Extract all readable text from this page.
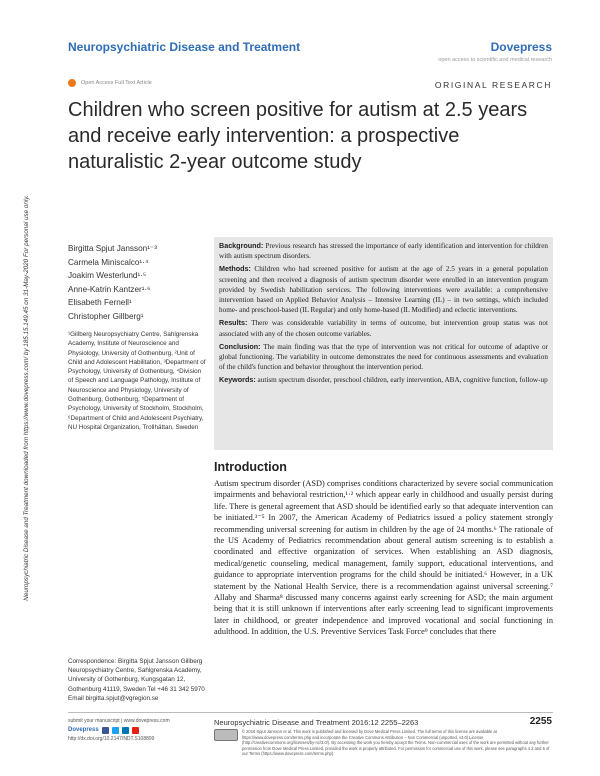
Neuropsychiatric Disease and Treatment	Dovepress
open access to scientific and medical research
Open Access Full Text Article	ORIGINAL RESEARCH
Children who screen positive for autism at 2.5 years and receive early intervention: a prospective naturalistic 2-year outcome study
Neuropsychiatric Disease and Treatment downloaded from https://www.dovepress.com/ by 185.15.149.45 on 31-May-2020 For personal use only.	Birgitta Spjut Jansson¹⁻³
Carmela Miniscalco¹·⁴
Joakim Westerlund¹·⁵
Anne-Katrin Kantzer¹·⁶
Elisabeth Fernell¹
Christopher Gillberg¹
¹Gillberg Neuropsychiatry Centre, Sahlgrenska Academy, Institute of Neuroscience and Physiology, University of Gothenburg, ²Unit of Child and Adolescent Habilitation, ³Department of Psychology, University of Gothenburg, ⁴Division of Speech and Language Pathology, Institute of Neuroscience and Physiology, University of Gothenburg, Gothenburg, ⁵Department of Psychology, University of Stockholm, Stockholm, ⁶Department of Child and Adolescent Psychiatry, NU Hospital Organization, Trollhättan, Sweden
Correspondence: Birgitta Spjut Jansson Gillberg Neuropsychiatry Centre, Sahlgrenska Academy, University of Gothenburg, Kungsgatan 12, Gothenburg 41119, Sweden Tel +46 31 342 5970 Email birgitta.spjut@vgregion.se

Background: Previous research has stressed the importance of early identification and intervention for children with autism spectrum disorders.

Methods: Children who had screened positive for autism at the age of 2.5 years in a general population screening and then received a diagnosis of autism spectrum disorder were enrolled in an intervention program provided by Swedish habilitation services. The following interventions were available: a comprehensive intervention based on Applied Behavior Analysis – Intensive Learning (IL) – in two settings, which included home- and preschool-based (IL Regular) and only home-based (IL Modified) and eclectic interventions.

Results: There was considerable variability in terms of outcome, but intervention group status was not associated with any of the chosen outcome variables.

Conclusion: The main finding was that the type of intervention was not critical for outcome of adaptive or global functioning. The variability in outcome demonstrates the need for continuous assessments and evaluation of the child's function and behavior throughout the intervention period.

Keywords: autism spectrum disorder, preschool children, early intervention, ABA, cognitive function, follow-up

Introduction
Autism spectrum disorder (ASD) comprises conditions characterized by severe social communication impairments and behavioral restriction,¹·² which appear early in childhood and usually persist during life. There is general agreement that ASD should be identified early so that adequate intervention can be initiated.³⁻⁵ In 2007, the American Academy of Pediatrics issued a policy statement strongly recommending universal screening for autism in children by the age of 24 months.⁶ The rationale of the US Academy of Pediatrics recommendation about general autism screening is to establish a coordinated and effective organization of services. When establishing an ASD diagnosis, medical/genetic counseling, medical management, family support, educational interventions, and guidance to appropriate intervention programs for the child should be initiated.⁶ However, in a UK statement by the National Health Service, there is a recommendation against universal screening.⁷ Allaby and Sharma⁸ discussed many concerns against early screening for ASD; the main argument being that it is still unknown if interventions after early screening lead to significant improvements later in childhood, or greater independence and improved vocational and social functioning in adulthood. In addition, the U.S. Preventive Services Task Force⁹ concludes that there
submit your manuscript | www.dovepress.com
Dovepress
http://dx.doi.org/10.2147/NDT.S108899
Neuropsychiatric Disease and Treatment 2016:12 2255–2263	2255
© 2016 Spjut Jansson et al. This work is published and licensed by Dove Medical Press Limited. The full terms of this license are available at https://www.dovepress.com/terms.php and incorporate the Creative Commons Attribution – Non Commercial (unported, v3.0) License (http://creativecommons.org/licenses/by-nc/3.0/). By accessing the work you hereby accept the Terms. Non-commercial uses of the work are permitted without any further permission from Dove Medical Press Limited, provided the work is properly attributed. For permission for commercial use of this work, please see paragraphs 4.2 and 5 of our Terms (https://www.dovepress.com/terms.php).
